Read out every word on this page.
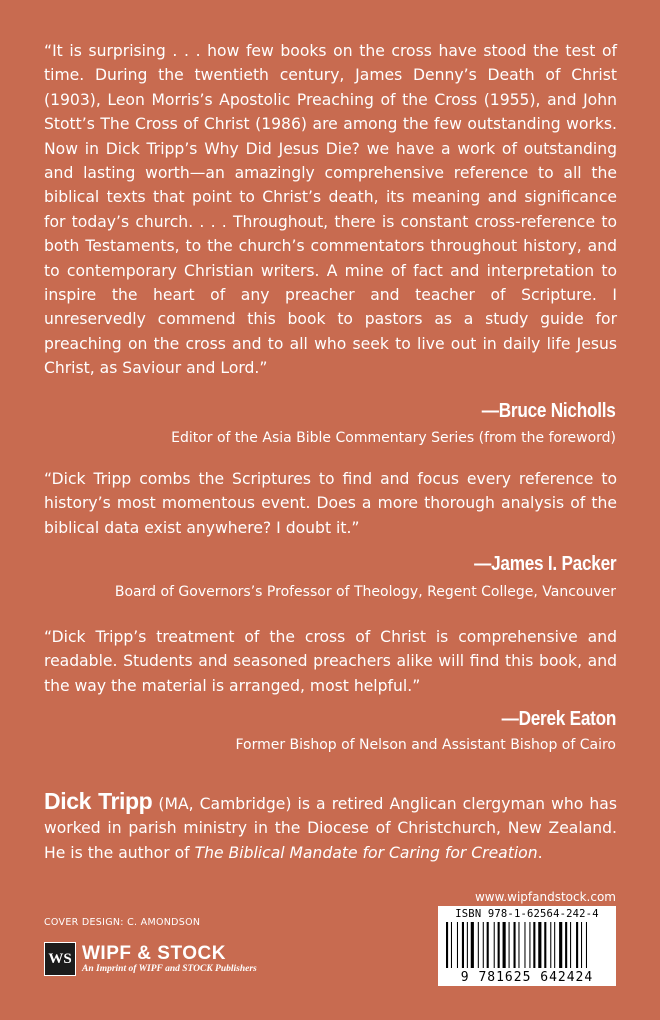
“It is surprising . . . how few books on the cross have stood the test of time. During the twentieth century, James Denny’s Death of Christ (1903), Leon Morris’s Apostolic Preaching of the Cross (1955), and John Stott’s The Cross of Christ (1986) are among the few outstanding works. Now in Dick Tripp’s Why Did Jesus Die? we have a work of outstanding and lasting worth—an amazingly comprehensive reference to all the biblical texts that point to Christ’s death, its meaning and significance for today’s church. . . . Throughout, there is constant cross-reference to both Testaments, to the church’s commentators throughout history, and to contemporary Christian writers. A mine of fact and interpretation to inspire the heart of any preacher and teacher of Scripture. I unreservedly commend this book to pastors as a study guide for preaching on the cross and to all who seek to live out in daily life Jesus Christ, as Saviour and Lord.”

—Bruce Nicholls
Editor of the Asia Bible Commentary Series (from the foreword)

“Dick Tripp combs the Scriptures to find and focus every reference to history’s most momentous event. Does a more thorough analysis of the biblical data exist anywhere? I doubt it.”

—James I. Packer
Board of Governors’s Professor of Theology, Regent College, Vancouver

“Dick Tripp’s treatment of the cross of Christ is comprehensive and readable. Students and seasoned preachers alike will find this book, and the way the material is arranged, most helpful.”

—Derek Eaton
Former Bishop of Nelson and Assistant Bishop of Cairo

Dick Tripp (MA, Cambridge) is a retired Anglican clergyman who has worked in parish ministry in the Diocese of Christchurch, New Zealand. He is the author of The Biblical Mandate for Caring for Creation.

www.wipfandstock.com
COVER DESIGN: C. AMONDSON
WS WIPF & STOCK
An Imprint of WIPF and STOCK Publishers
ISBN 978-1-62564-242-4
9 781625 642424
